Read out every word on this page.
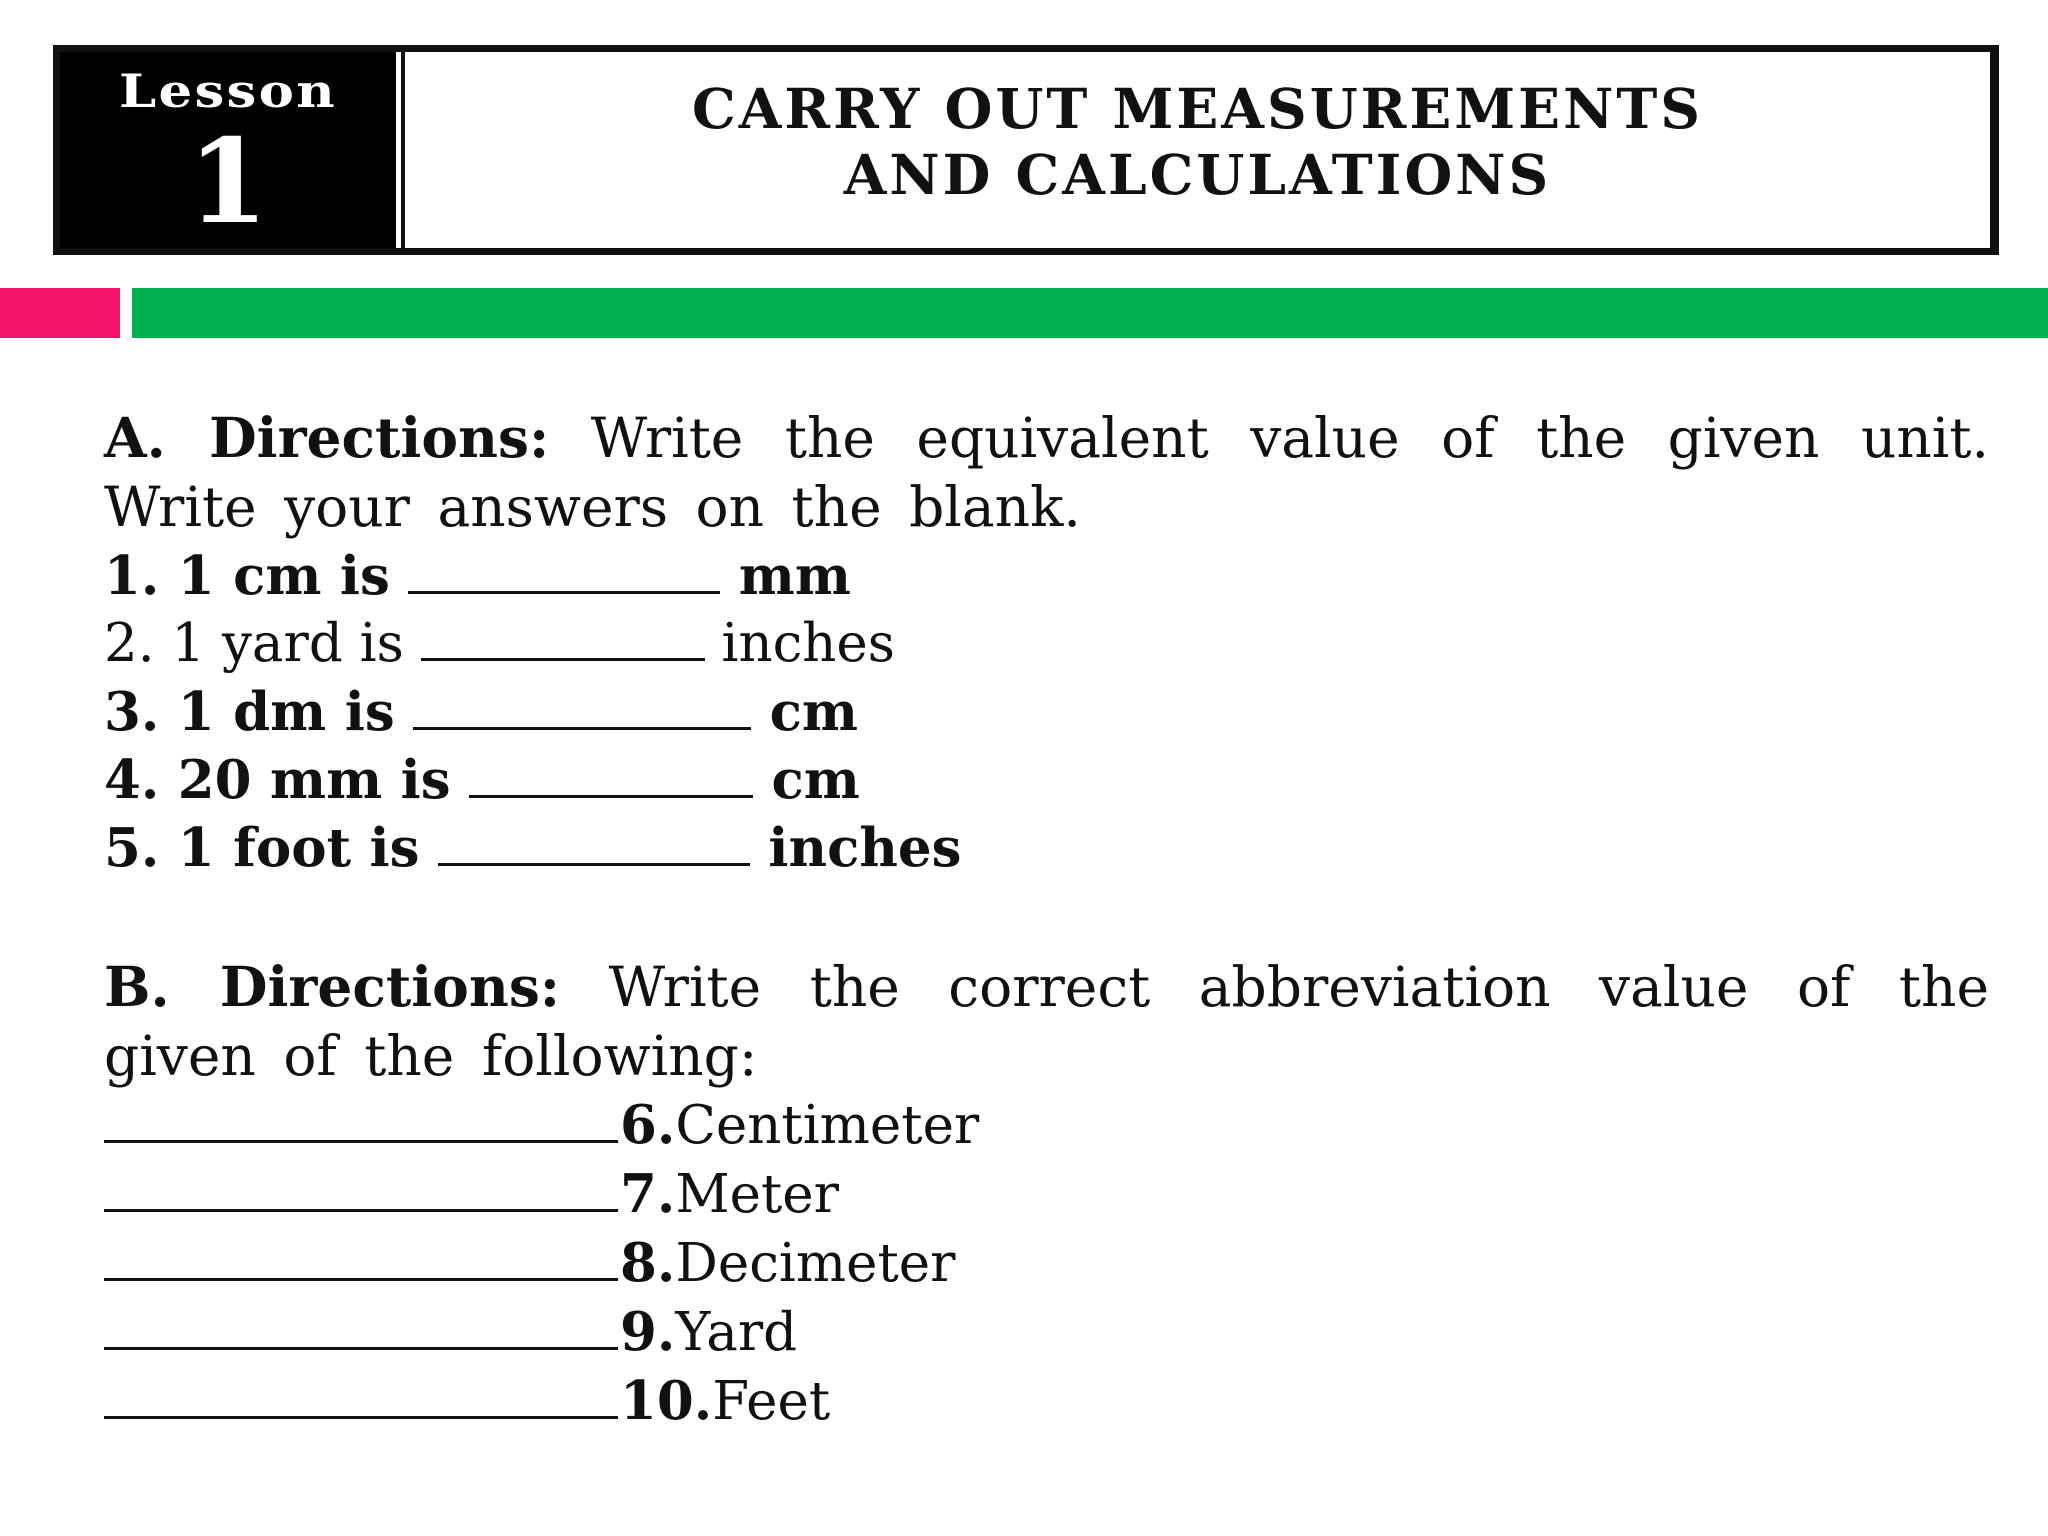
Lesson
1
CARRY OUT MEASUREMENTS
AND CALCULATIONS
A. Directions: Write the equivalent value of the given unit. Write your answers on the blank.
1. 1 cm is	mm
2. 1 yard is	inches
3. 1 dm is	cm
4. 20 mm is	cm
5. 1 foot is	inches
B. Directions: Write the correct abbreviation value of the given of the following:
6. Centimeter
7. Meter
8. Decimeter
9. Yard
10. Feet
